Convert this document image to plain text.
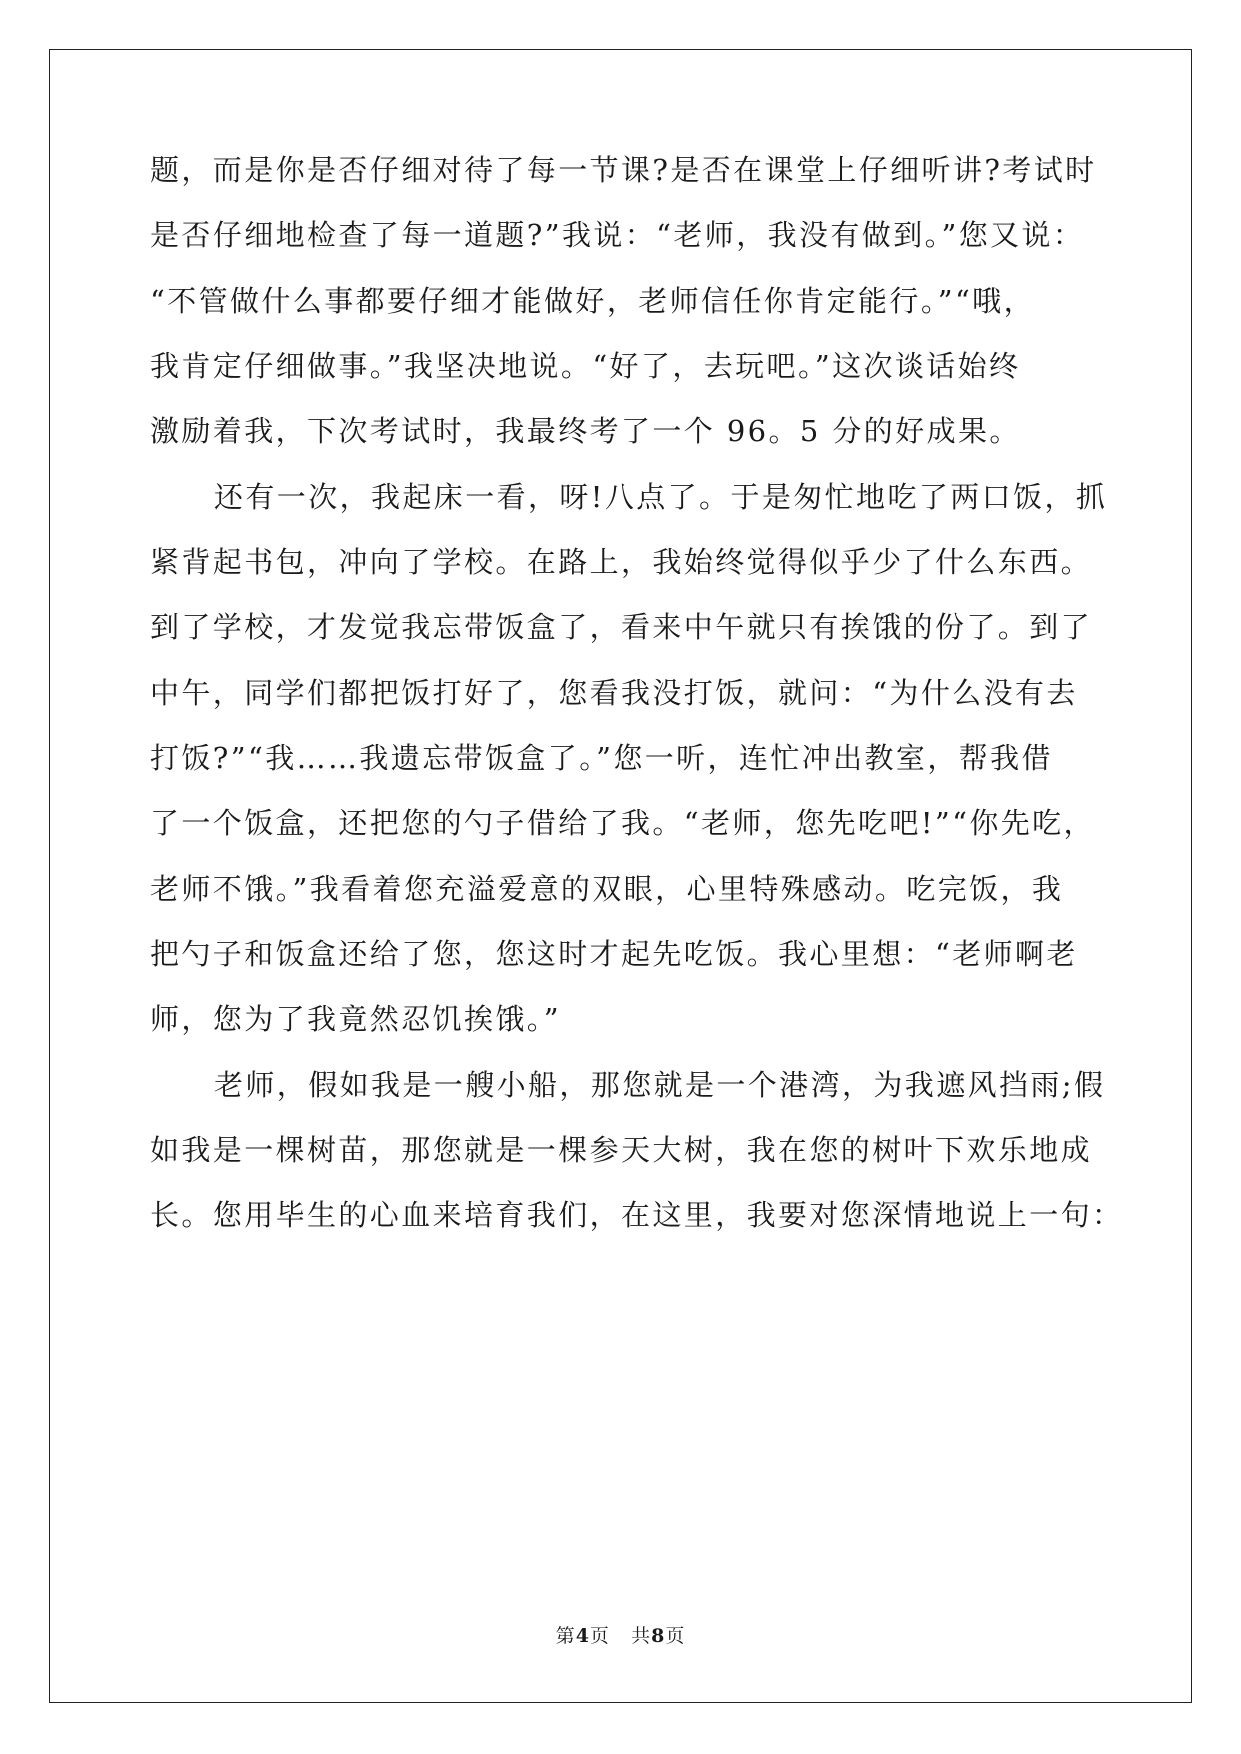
题，而是你是否仔细对待了每一节课?是否在课堂上仔细听讲?考试时
是否仔细地检查了每一道题?”我说：“老师，我没有做到。”您又说：
“不管做什么事都要仔细才能做好，老师信任你肯定能行。”“哦，
我肯定仔细做事。”我坚决地说。“好了，去玩吧。”这次谈话始终
激励着我，下次考试时，我最终考了一个 96。5 分的好成果。
还有一次，我起床一看，呀!八点了。于是匆忙地吃了两口饭，抓
紧背起书包，冲向了学校。在路上，我始终觉得似乎少了什么东西。
到了学校，才发觉我忘带饭盒了，看来中午就只有挨饿的份了。到了
中午，同学们都把饭打好了，您看我没打饭，就问：“为什么没有去
打饭?”“我……我遗忘带饭盒了。”您一听，连忙冲出教室，帮我借
了一个饭盒，还把您的勺子借给了我。“老师，您先吃吧!”“你先吃，
老师不饿。”我看着您充溢爱意的双眼，心里特殊感动。吃完饭，我
把勺子和饭盒还给了您，您这时才起先吃饭。我心里想：“老师啊老
师，您为了我竟然忍饥挨饿。”
老师，假如我是一艘小船，那您就是一个港湾，为我遮风挡雨;假
如我是一棵树苗，那您就是一棵参天大树，我在您的树叶下欢乐地成
长。您用毕生的心血来培育我们，在这里，我要对您深情地说上一句：
第4页 共8页
